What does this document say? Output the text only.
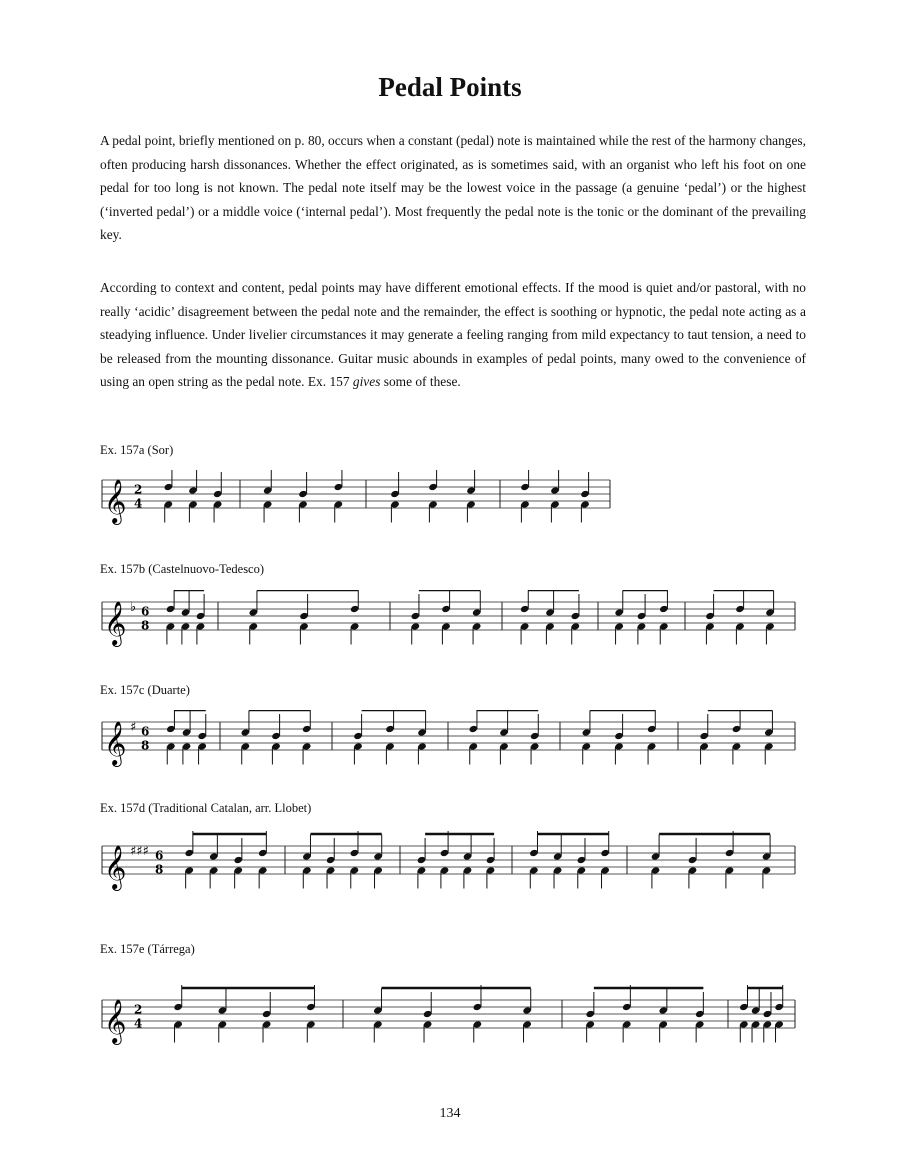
Pedal Points
A pedal point, briefly mentioned on p. 80, occurs when a constant (pedal) note is maintained while the rest of the harmony changes, often producing harsh dissonances. Whether the effect originated, as is sometimes said, with an organist who left his foot on one pedal for too long is not known. The pedal note itself may be the lowest voice in the passage (a genuine ‘pedal’) or the highest (‘inverted pedal’) or a middle voice (‘internal pedal’). Most frequently the pedal note is the tonic or the dominant of the prevailing key.
According to context and content, pedal points may have different emotional effects. If the mood is quiet and/or pastoral, with no really ‘acidic’ disagreement between the pedal note and the remainder, the effect is soothing or hypnotic, the pedal note acting as a steadying influence. Under livelier circumstances it may generate a feeling ranging from mild expectancy to taut tension, a need to be released from the mounting dissonance. Guitar music abounds in examples of pedal points, many owed to the convenience of using an open string as the pedal note. Ex. 157 gives some of these.
Ex. 157a (Sor)
Ex. 157b (Castelnuovo-Tedesco)
Ex. 157c (Duarte)
Ex. 157d (Traditional Catalan, arr. Llobet)
Ex. 157e (Tárrega)
𝄞 2
4
𝄞 ♭ 6
8
𝄞 ♯ 6
8
𝄞 ♯♯♯ 6
8
𝄞 2
4
134
